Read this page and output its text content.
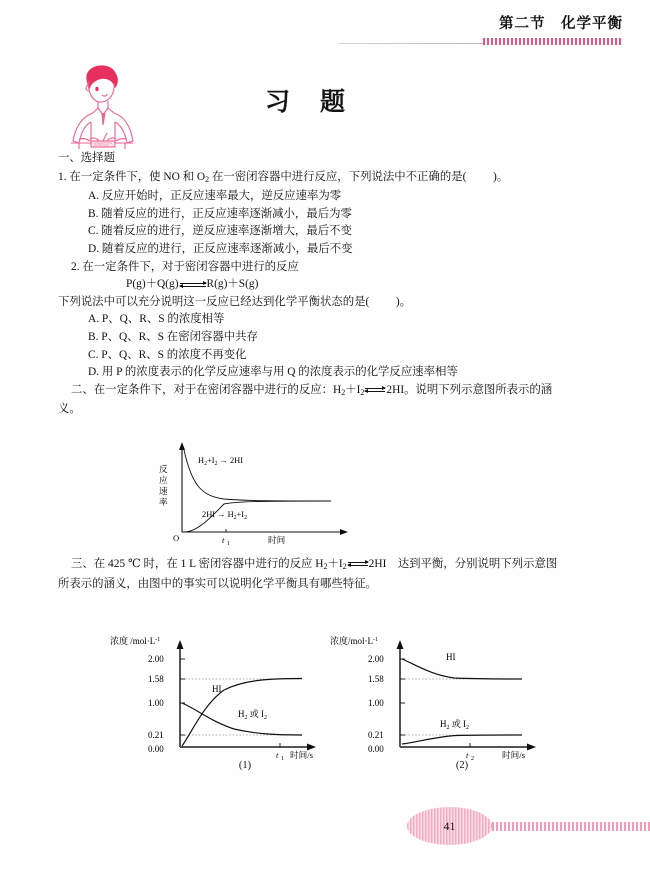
第二节　化学平衡
习题

一、选择题

1. 在一定条件下，使 NO 和 $O_2$ 在一密闭容器中进行反应，下列说法中不正确的是( )。

A. 反应开始时，正反应速率最大，逆反应速率为零

B. 随着反应的进行，正反应速率逐渐减小，最后为零

C. 随着反应的进行，逆反应速率逐渐增大，最后不变

D. 随着反应的进行，正反应速率逐渐减小，最后不变

2. 在一定条件下，对于密闭容器中进行的反应

P(g)＋Q(g) R(g)＋S(g)

下列说法中可以充分说明这一反应已经达到化学平衡状态的是( )。

A. P、Q、R、S 的浓度相等

B. P、Q、R、S 在密闭容器中共存

C. P、Q、R、S 的浓度不再变化

D. 用 P 的浓度表示的化学反应速率与用 Q 的浓度表示的化学反应速率相等

二、在一定条件下，对于在密闭容器中进行的反应：$H_2+I_2$ 2HI。说明下列示意图所表示的涵

义。

反
应
速
率
O	t 1	时间
$H_2+I_2 \to 2HI$
$2HI \to H_2+I_2$

三、在 425 ℃ 时，在 1 L 密闭容器中进行的反应 $H_2+I_2$ 2HI　达到平衡，分别说明下列示意图

所表示的涵义，由图中的事实可以说明化学平衡具有哪些特征。

浓度 $/mol\cdot L^{-1}$
2.00
1.58
1.00
0.21
0.00
t 1 时间/s
HI
$H_2$ 或 $I_2$
浓度$/mol\cdot L^{-1}$
2.00
1.58
1.00
0.21
0.00
t 2	时间/s
HI
$H_2$ 或 $I_2$
(1)	(2)
41
